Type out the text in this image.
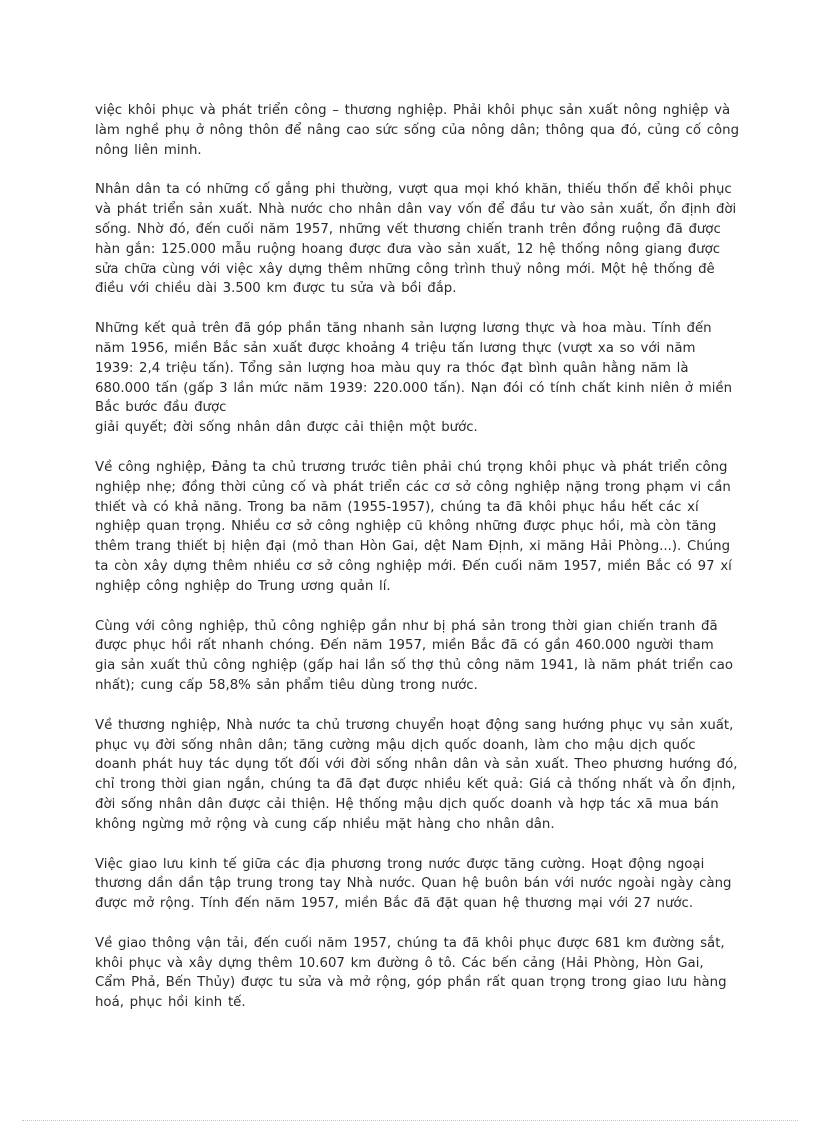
việc khôi phục và phát triển công – thương nghiệp. Phải khôi phục sản xuất nông nghiệp và
làm nghề phụ ở nông thôn để nâng cao sức sống của nông dân; thông qua đó, củng cố công
nông liên minh.

Nhân dân ta có những cố gắng phi thường, vượt qua mọi khó khăn, thiếu thốn để khôi phục
và phát triển sản xuất. Nhà nước cho nhân dân vay vốn để đầu tư vào sản xuất, ổn định đời
sống. Nhờ đó, đến cuối năm 1957, những vết thương chiến tranh trên đồng ruộng đã được
hàn gắn: 125.000 mẫu ruộng hoang được đưa vào sản xuất, 12 hệ thống nông giang được
sửa chữa cùng với việc xây dựng thêm những công trình thuỷ nông mới. Một hệ thống đê
điều với chiều dài 3.500 km được tu sửa và bồi đắp.

Những kết quả trên đã góp phần tăng nhanh sản lượng lương thực và hoa màu. Tính đến
năm 1956, miền Bắc sản xuất được khoảng 4 triệu tấn lương thực (vượt xa so với năm
1939: 2,4 triệu tấn). Tổng sản lượng hoa màu quy ra thóc đạt bình quân hằng năm là
680.000 tấn (gấp 3 lần mức năm 1939: 220.000 tấn). Nạn đói có tính chất kinh niên ở miền
Bắc bước đầu được
giải quyết; đời sống nhân dân được cải thiện một bước.

Về công nghiệp, Đảng ta chủ trương trước tiên phải chú trọng khôi phục và phát triển công
nghiệp nhẹ; đồng thời củng cố và phát triển các cơ sở công nghiệp nặng trong phạm vi cần
thiết và có khả năng. Trong ba năm (1955-1957), chúng ta đã khôi phục hầu hết các xí
nghiệp quan trọng. Nhiều cơ sở công nghiệp cũ không những được phục hồi, mà còn tăng
thêm trang thiết bị hiện đại (mỏ than Hòn Gai, dệt Nam Định, xi măng Hải Phòng...). Chúng
ta còn xây dựng thêm nhiều cơ sở công nghiệp mới. Đến cuối năm 1957, miền Bắc có 97 xí
nghiệp công nghiệp do Trung ương quản lí.

Cùng với công nghiệp, thủ công nghiệp gần như bị phá sản trong thời gian chiến tranh đã
được phục hồi rất nhanh chóng. Đến năm 1957, miền Bắc đã có gần 460.000 người tham
gia sản xuất thủ công nghiệp (gấp hai lần số thợ thủ công năm 1941, là năm phát triển cao
nhất); cung cấp 58,8% sản phẩm tiêu dùng trong nước.

Về thương nghiệp, Nhà nước ta chủ trương chuyển hoạt động sang hướng phục vụ sản xuất,
phục vụ đời sống nhân dân; tăng cường mậu dịch quốc doanh, làm cho mậu dịch quốc
doanh phát huy tác dụng tốt đối với đời sống nhân dân và sản xuất. Theo phương hướng đó,
chỉ trong thời gian ngắn, chúng ta đã đạt được nhiều kết quả: Giá cả thống nhất và ổn định,
đời sống nhân dân được cải thiện. Hệ thống mậu dịch quốc doanh và hợp tác xã mua bán
không ngừng mở rộng và cung cấp nhiều mặt hàng cho nhân dân.

Việc giao lưu kinh tế giữa các địa phương trong nước được tăng cường. Hoạt động ngoại
thương dần dần tập trung trong tay Nhà nước. Quan hệ buôn bán với nước ngoài ngày càng
được mở rộng. Tính đến năm 1957, miền Bắc đã đặt quan hệ thương mại với 27 nước.

Về giao thông vận tải, đến cuối năm 1957, chúng ta đã khôi phục được 681 km đường sắt,
khôi phục và xây dựng thêm 10.607 km đường ô tô. Các bến cảng (Hải Phòng, Hòn Gai,
Cẩm Phả, Bến Thủy) được tu sửa và mở rộng, góp phần rất quan trọng trong giao lưu hàng
hoá, phục hồi kinh tế.
